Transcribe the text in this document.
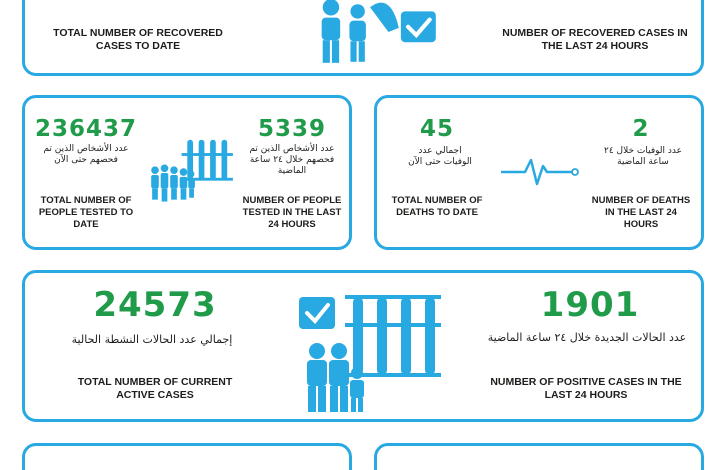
TOTAL NUMBER OF RECOVERED CASES TO DATE
NUMBER OF RECOVERED CASES IN THE LAST 24 HOURS
236437
عدد الأشخاص الذين تم فحصهم حتى الآن
TOTAL NUMBER OF PEOPLE TESTED TO DATE
5339
عدد الأشخاص الذين تم فحصهم خلال ٢٤ ساعة الماضية
NUMBER OF PEOPLE TESTED IN THE LAST 24 HOURS
45
اجمالي عدد الوفيات حتى الآن
TOTAL NUMBER OF DEATHS TO DATE
2
عدد الوفيات خلال ٢٤ ساعة الماضية
NUMBER OF DEATHS IN THE LAST 24 HOURS
24573
إجمالي عدد الحالات النشطة الحالية
TOTAL NUMBER OF CURRENT ACTIVE CASES
1901
عدد الحالات الجديدة خلال ٢٤ ساعة الماضية
NUMBER OF POSITIVE CASES IN THE LAST 24 HOURS
